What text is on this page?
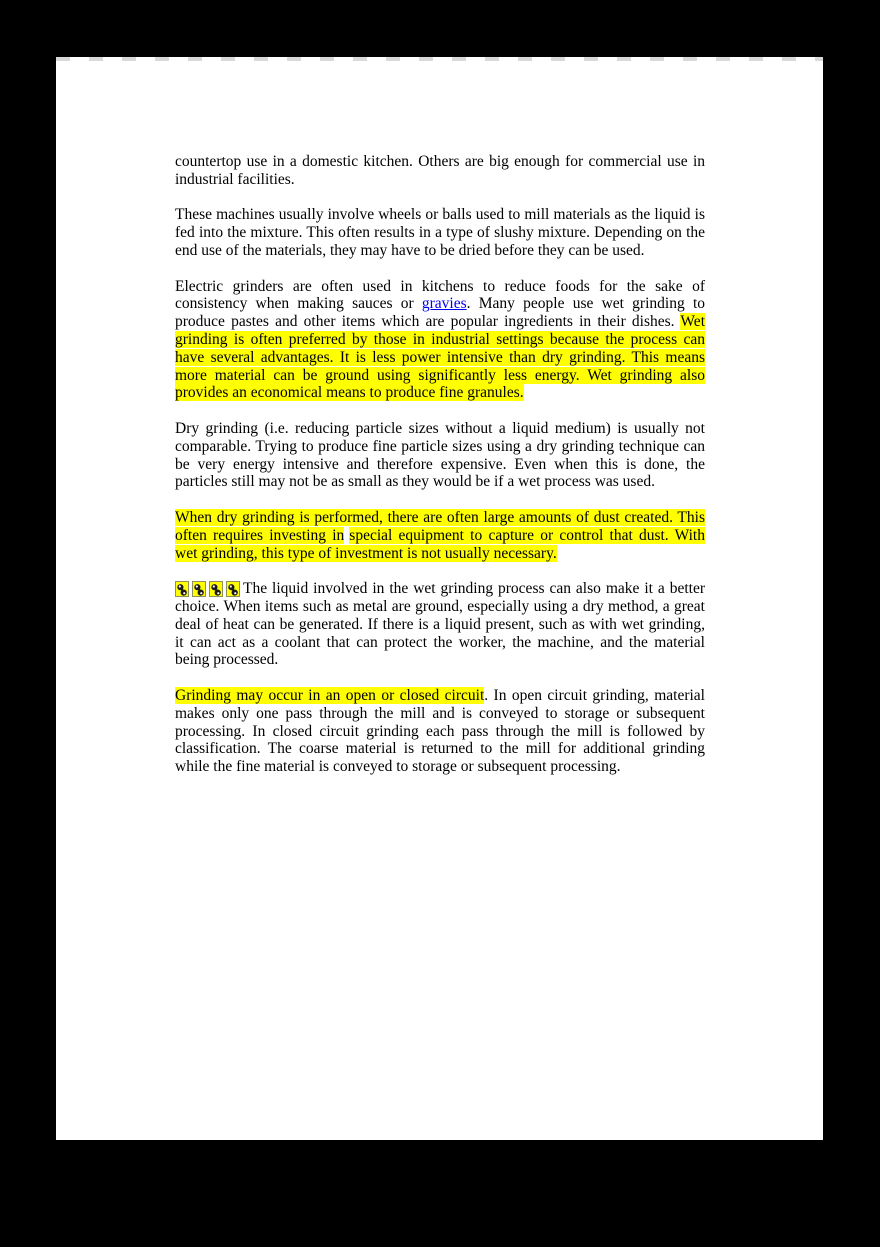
countertop use in a domestic kitchen. Others are big enough for commercial use in industrial facilities.

These machines usually involve wheels or balls used to mill materials as the liquid is fed into the mixture. This often results in a type of slushy mixture. Depending on the end use of the materials, they may have to be dried before they can be used.

Electric grinders are often used in kitchens to reduce foods for the sake of consistency when making sauces or gravies. Many people use wet grinding to produce pastes and other items which are popular ingredients in their dishes. Wet grinding is often preferred by those in industrial settings because the process can have several advantages. It is less power intensive than dry grinding. This means more material can be ground using significantly less energy. Wet grinding also provides an economical means to produce fine granules.

Dry grinding (i.e. reducing particle sizes without a liquid medium) is usually not comparable. Trying to produce fine particle sizes using a dry grinding technique can be very energy intensive and therefore expensive. Even when this is done, the particles still may not be as small as they would be if a wet process was used.

When dry grinding is performed, there are often large amounts of dust created. This often requires investing in special equipment to capture or control that dust. With wet grinding, this type of investment is not usually necessary.

The liquid involved in the wet grinding process can also make it a better choice. When items such as metal are ground, especially using a dry method, a great deal of heat can be generated. If there is a liquid present, such as with wet grinding, it can act as a coolant that can protect the worker, the machine, and the material being processed.

Grinding may occur in an open or closed circuit. In open circuit grinding, material makes only one pass through the mill and is conveyed to storage or subsequent processing. In closed circuit grinding each pass through the mill is followed by classification. The coarse material is returned to the mill for additional grinding while the fine material is conveyed to storage or subsequent processing.
